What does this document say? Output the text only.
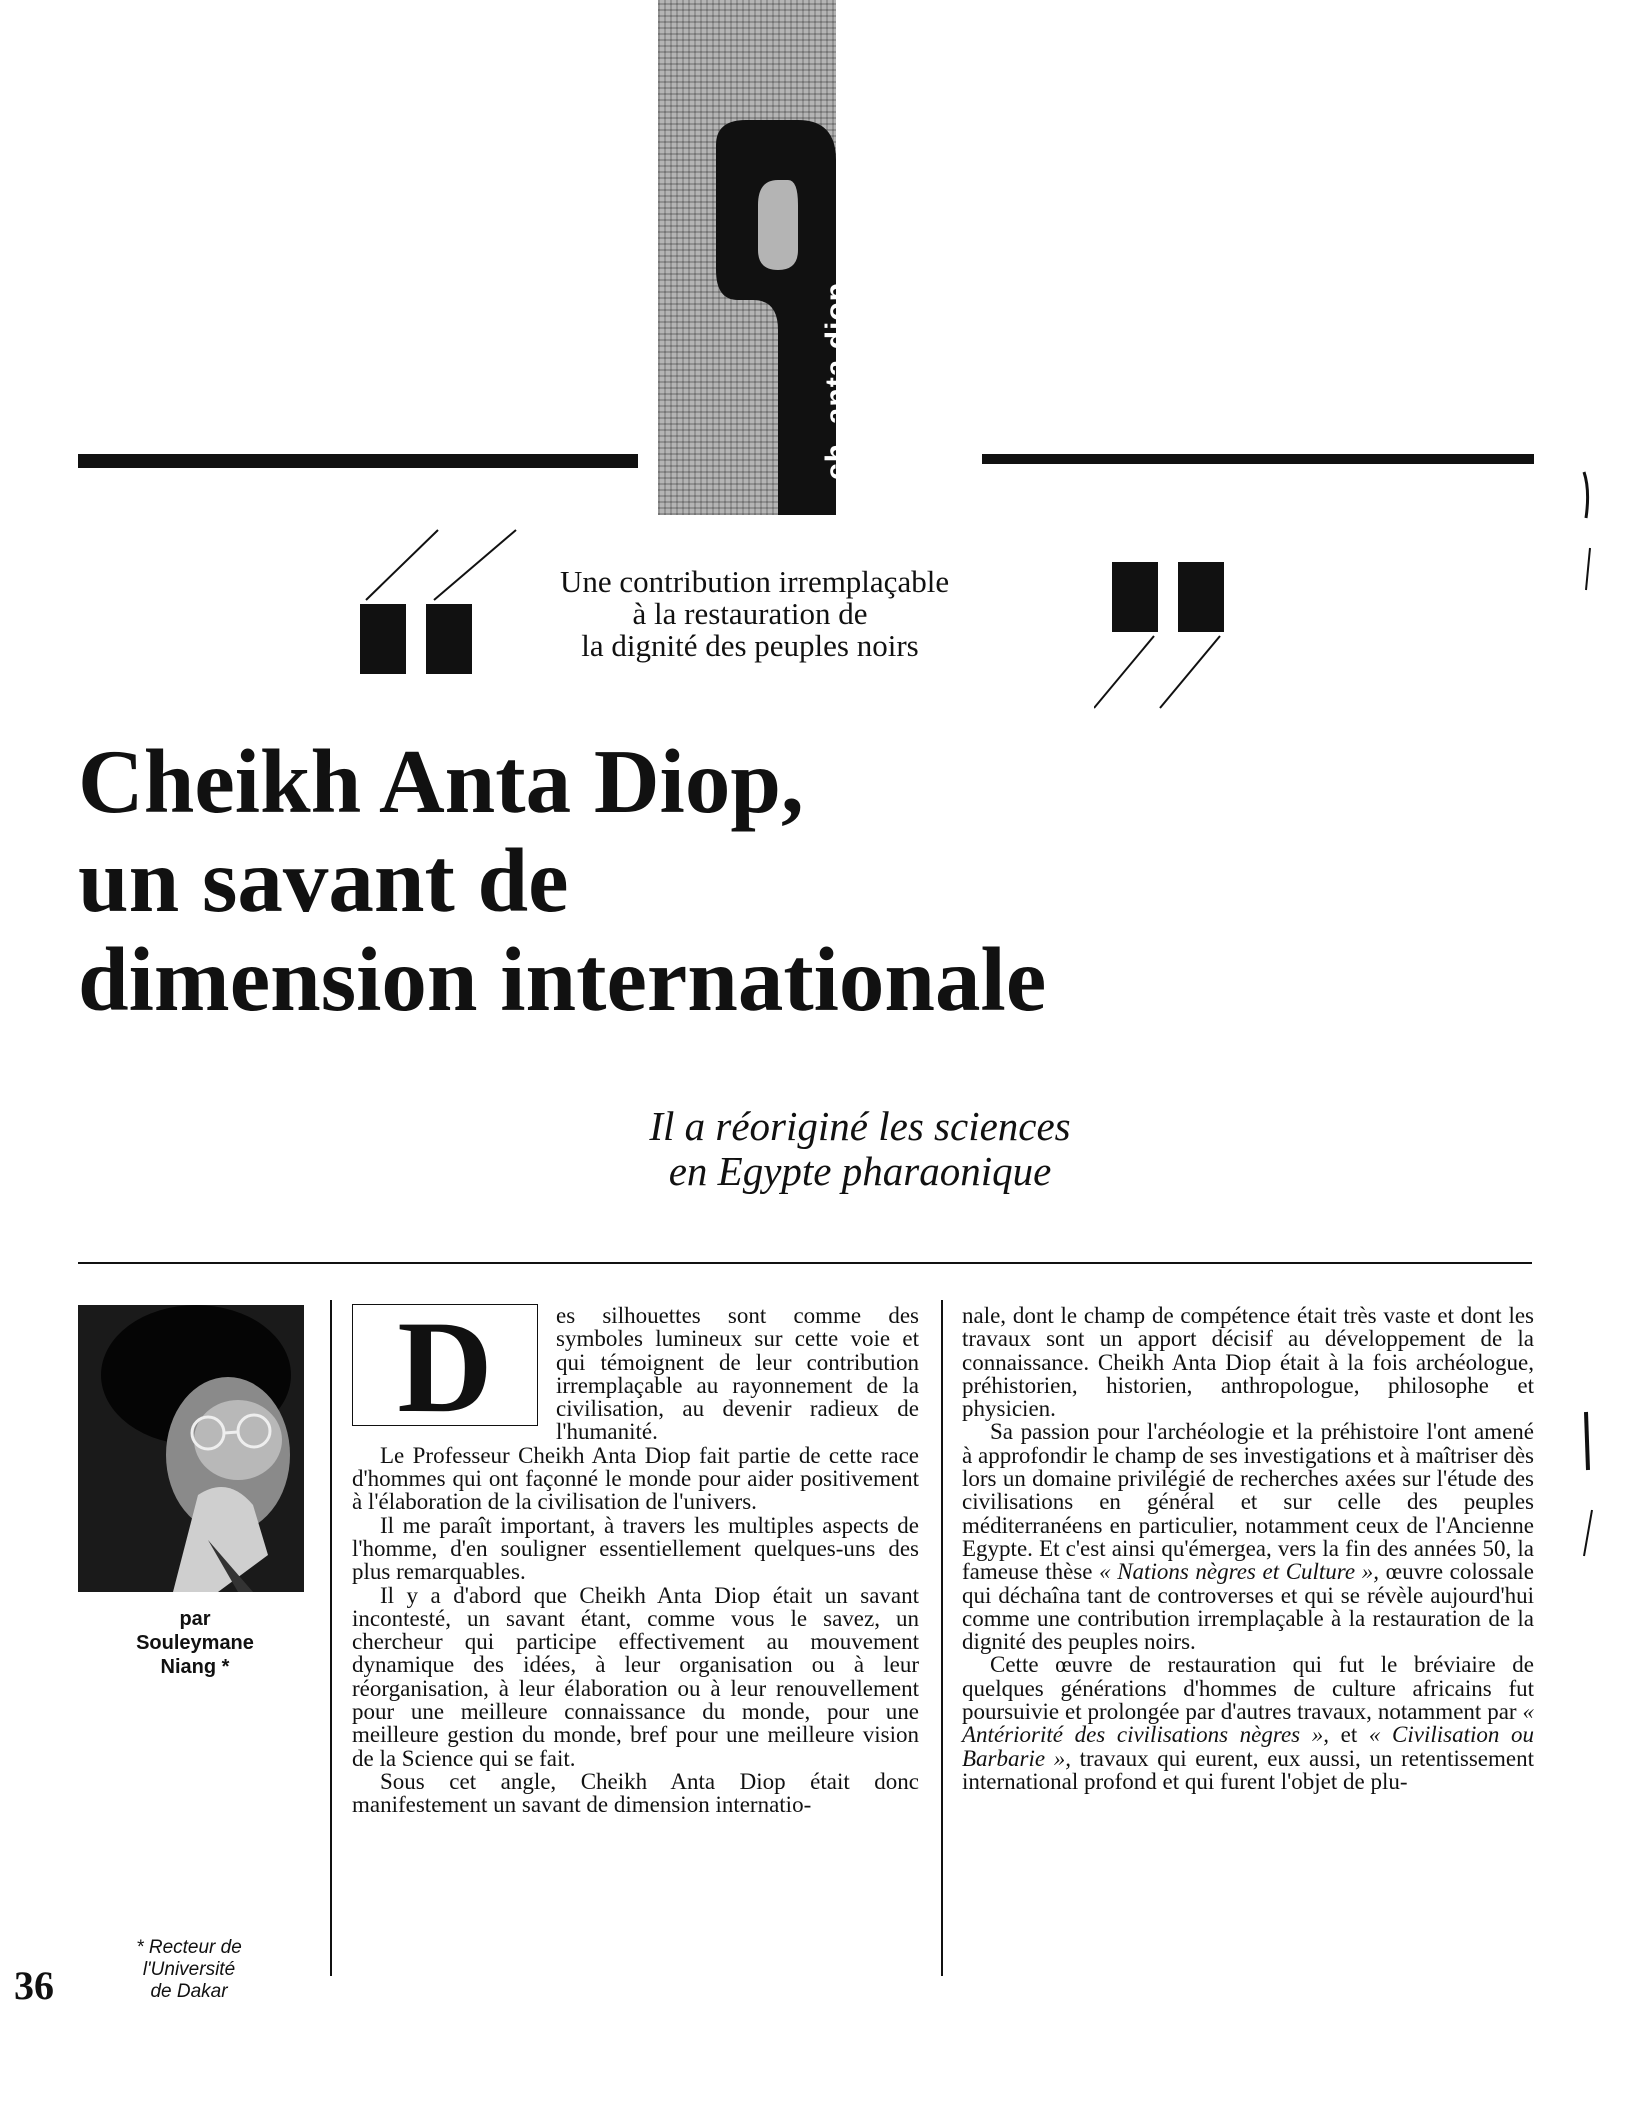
ch. anta diop
Une contribution irremplaçable
à la restauration de
la dignité des peuples noirs
Cheikh Anta Diop,
un savant de
dimension internationale
Il a réoriginé les sciences
en Egypte pharaonique
par
Souleymane
Niang *
* Recteur de
l'Université
de Dakar
36
D	es silhouettes sont comme des symboles lumineux sur cette voie et qui témoignent de leur contribution irremplaçable au rayonnement de la civilisation, au devenir radieux de l'humanité.

Le Professeur Cheikh Anta Diop fait partie de cette race d'hommes qui ont façonné le monde pour aider positivement à l'élaboration de la civilisation de l'univers.

Il me paraît important, à travers les multiples aspects de l'homme, d'en souligner essentiellement quelques-uns des plus remarquables.

Il y a d'abord que Cheikh Anta Diop était un savant incontesté, un savant étant, comme vous le savez, un chercheur qui participe effectivement au mouvement dynamique des idées, à leur organisation ou à leur réorganisation, à leur élaboration ou à leur renouvellement pour une meilleure connaissance du monde, pour une meilleure gestion du monde, bref pour une meilleure vision de la Science qui se fait.

Sous cet angle, Cheikh Anta Diop était donc manifestement un savant de dimension internatio-

nale, dont le champ de compétence était très vaste et dont les travaux sont un apport décisif au développement de la connaissance. Cheikh Anta Diop était à la fois archéologue, préhistorien, historien, anthropologue, philosophe et physicien.

Sa passion pour l'archéologie et la préhistoire l'ont amené à approfondir le champ de ses investigations et à maîtriser dès lors un domaine privilégié de recherches axées sur l'étude des civilisations en général et sur celle des peuples méditerranéens en particulier, notamment ceux de l'Ancienne Egypte. Et c'est ainsi qu'émergea, vers la fin des années 50, la fameuse thèse « Nations nègres et Culture », œuvre colossale qui déchaîna tant de controverses et qui se révèle aujourd'hui comme une contribution irremplaçable à la restauration de la dignité des peuples noirs.

Cette œuvre de restauration qui fut le bréviaire de quelques générations d'hommes de culture africains fut poursuivie et prolongée par d'autres travaux, notamment par « Antériorité des civilisations nègres », et « Civilisation ou Barbarie », travaux qui eurent, eux aussi, un retentissement international profond et qui furent l'objet de plu-
